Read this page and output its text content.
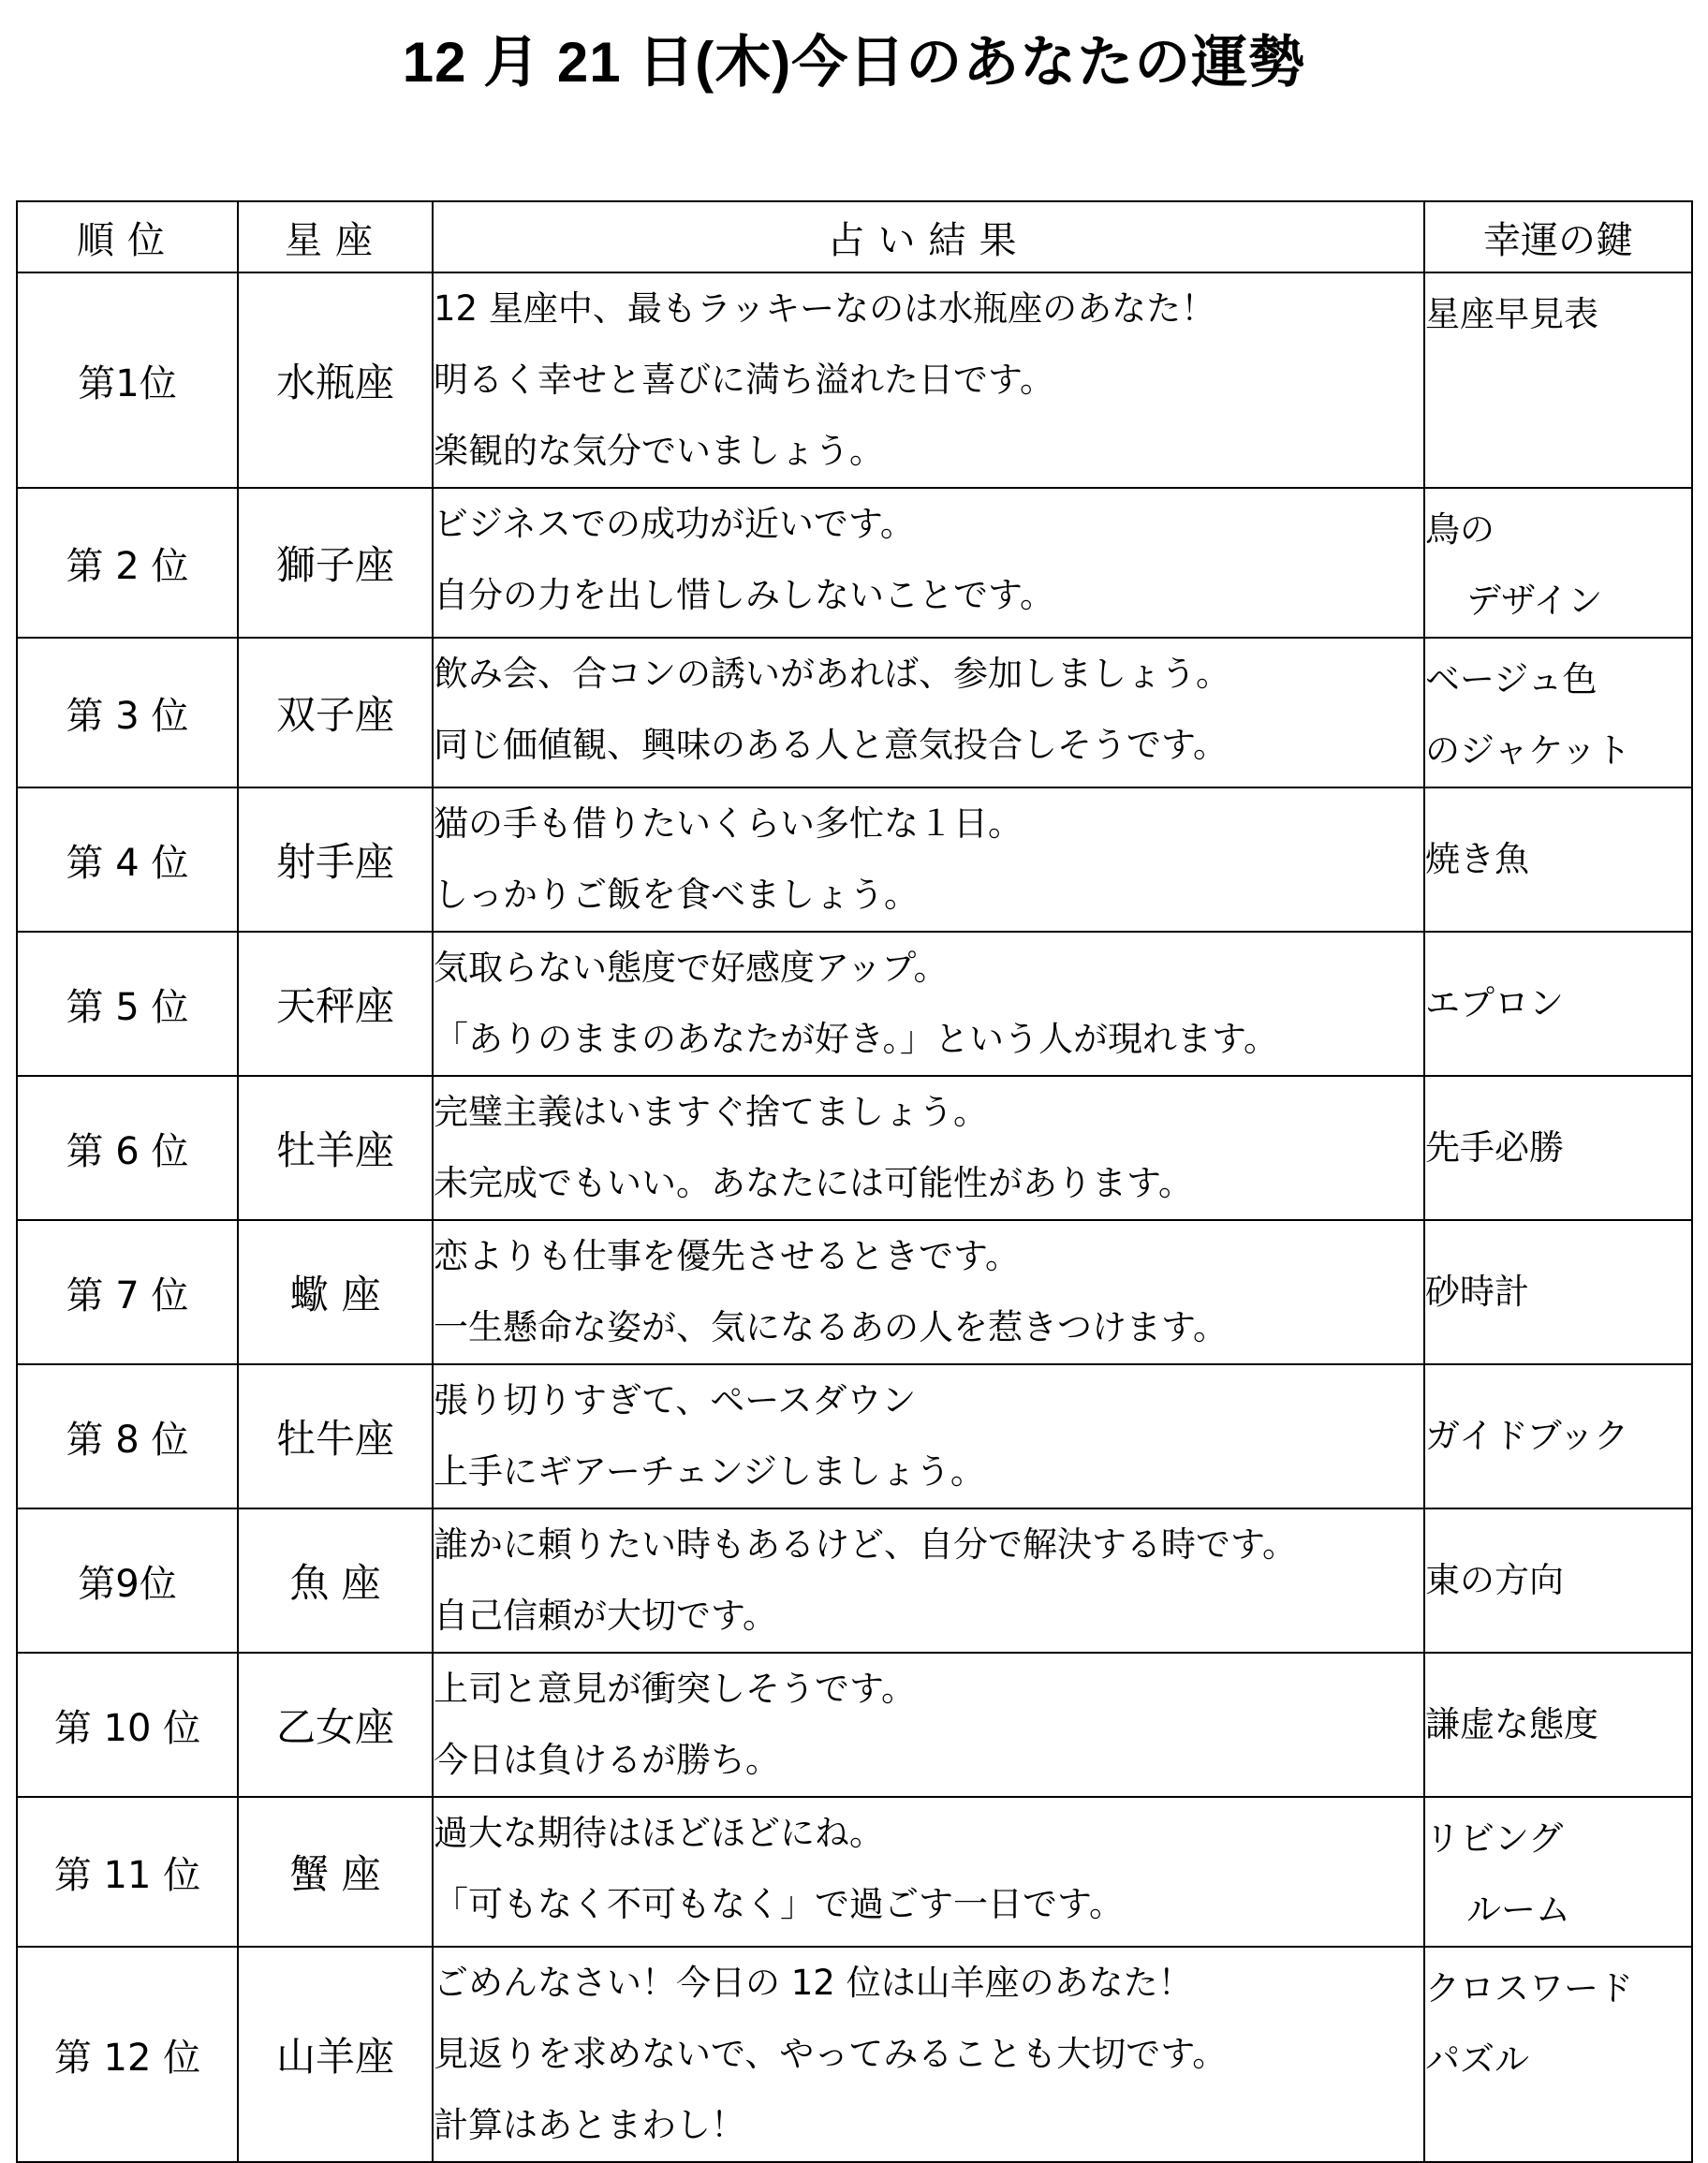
12 月 21 日(木)今日のあなたの運勢
順位	星座	占い結果	幸運の鍵
第1位	水瓶座	12 星座中、最もラッキーなのは水瓶座のあなた！
明るく幸せと喜びに満ち溢れた日です。
楽観的な気分でいましょう。	星座早見表

第 2 位	獅子座	ビジネスでの成功が近いです。
自分の力を出し惜しみしないことです。	鳥の
デザイン

第 3 位	双子座	飲み会、合コンの誘いがあれば、参加しましょう。
同じ価値観、興味のある人と意気投合しそうです。	ベージュ色
のジャケット

第 4 位	射手座	猫の手も借りたいくらい多忙な１日。
しっかりご飯を食べましょう。	焼き魚

第 5 位	天秤座	気取らない態度で好感度アップ。
「ありのままのあなたが好き。」という人が現れます。	エプロン

第 6 位	牡羊座	完璧主義はいますぐ捨てましょう。
未完成でもいい。あなたには可能性があります。	先手必勝

第 7 位	蠍 座	恋よりも仕事を優先させるときです。
一生懸命な姿が、気になるあの人を惹きつけます。	砂時計

第 8 位	牡牛座	張り切りすぎて、ペースダウン
上手にギアーチェンジしましょう。	ガイドブック

第9位	魚 座	誰かに頼りたい時もあるけど、自分で解決する時です。
自己信頼が大切です。	東の方向

第 10 位	乙女座	上司と意見が衝突しそうです。
今日は負けるが勝ち。	謙虚な態度

第 11 位	蟹 座	過大な期待はほどほどにね。
「可もなく不可もなく」で過ごす一日です。	リビング
ルーム

第 12 位	山羊座	ごめんなさい！今日の 12 位は山羊座のあなた！
見返りを求めないで、やってみることも大切です。
計算はあとまわし！	クロスワード
パズル
